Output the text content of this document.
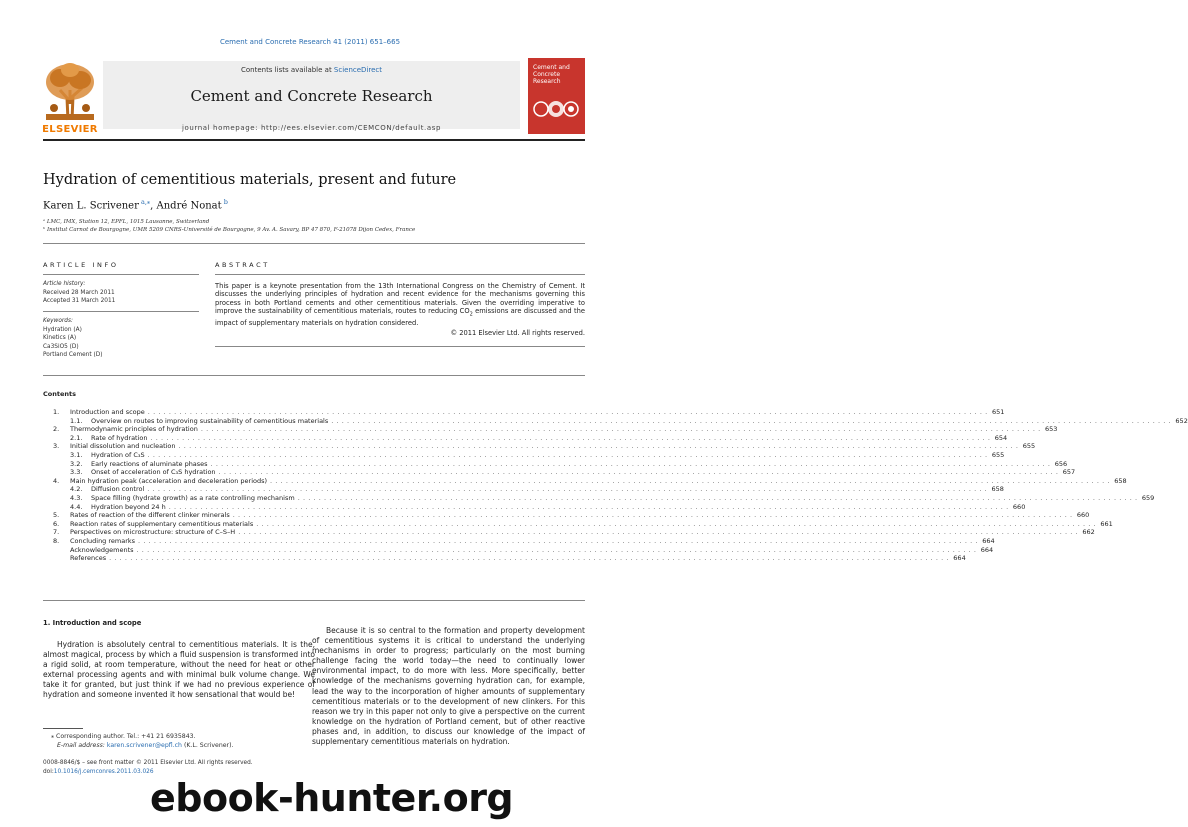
Cement and Concrete Research 41 (2011) 651–665
Contents lists available at ScienceDirect
Cement and Concrete Research
journal homepage: http://ees.elsevier.com/CEMCON/default.asp
ELSEVIER
Cement and Concrete Research
Hydration of cementitious materials, present and future
Karen L. Scrivener $^{a,⁎}$, André Nonat $^b$
ᵃ LMC, IMX, Station 12, EPFL, 1015 Lausanne, Switzerland
ᵇ Institut Carnot de Bourgogne, UMR 5209 CNRS-Université de Bourgogne, 9 Av. A. Savary, BP 47 870, F-21078 Dijon Cedex, France
ARTICLE INFO
Article history:
Received 28 March 2011
Accepted 31 March 2011
Keywords:
Hydration (A)
Kinetics (A)
Ca3SiO5 (D)
Portland Cement (D)
ABSTRACT
This paper is a keynote presentation from the 13th International Congress on the Chemistry of Cement. It discusses the underlying principles of hydration and recent evidence for the mechanisms governing this process in both Portland cements and other cementitious materials. Given the overriding imperative to improve the sustainability of cementitious materials, routes to reducing $CO_2$ emissions are discussed and the impact of supplementary materials on hydration considered.
© 2011 Elsevier Ltd. All rights reserved.
Contents
1.	Introduction and scope ................................................................................................................................................................ 651
1.1.	Overview on routes to improving sustainability of cementitious materials ................................................................................................................................................................ 652
2.	Thermodynamic principles of hydration ................................................................................................................................................................ 653
2.1.	Rate of hydration ................................................................................................................................................................ 654
3.	Initial dissolution and nucleation ................................................................................................................................................................ 655
3.1.	Hydration of C₃S ................................................................................................................................................................ 655
3.2.	Early reactions of aluminate phases ................................................................................................................................................................ 656
3.3.	Onset of acceleration of C₃S hydration ................................................................................................................................................................ 657
4.	Main hydration peak (acceleration and deceleration periods) ................................................................................................................................................................ 658
4.2.	Diffusion control ................................................................................................................................................................ 658
4.3.	Space filling (hydrate growth) as a rate controlling mechanism ................................................................................................................................................................ 659
4.4.	Hydration beyond 24 h ................................................................................................................................................................ 660
5.	Rates of reaction of the different clinker minerals ................................................................................................................................................................ 660
6.	Reaction rates of supplementary cementitious materials ................................................................................................................................................................ 661
7.	Perspectives on microstructure: structure of C–S–H ................................................................................................................................................................ 662
8.	Concluding remarks ................................................................................................................................................................ 664
Acknowledgements ................................................................................................................................................................ 664
References ................................................................................................................................................................ 664
1. Introduction and scope
Hydration is absolutely central to cementitious materials. It is the, almost magical, process by which a fluid suspension is transformed into a rigid solid, at room temperature, without the need for heat or other external processing agents and with minimal bulk volume change. We take it for granted, but just think if we had no previous experience of hydration and someone invented it how sensational that would be!
Because it is so central to the formation and property development of cementitious systems it is critical to understand the underlying mechanisms in order to progress; particularly on the most burning challenge facing the world today—the need to continually lower environmental impact, to do more with less. More specifically, better knowledge of the mechanisms governing hydration can, for example, lead the way to the incorporation of higher amounts of supplementary cementitious materials or to the development of new clinkers. For this reason we try in this paper not only to give a perspective on the current knowledge on the hydration of Portland cement, but of other reactive phases and, in addition, to discuss our knowledge of the impact of supplementary cementitious materials on hydration.
⁎ Corresponding author. Tel.: +41 21 6935843.
E-mail address: karen.scrivener@epfl.ch (K.L. Scrivener).
0008-8846/$ – see front matter © 2011 Elsevier Ltd. All rights reserved.
doi:10.1016/j.cemconres.2011.03.026
ebook-hunter.org
